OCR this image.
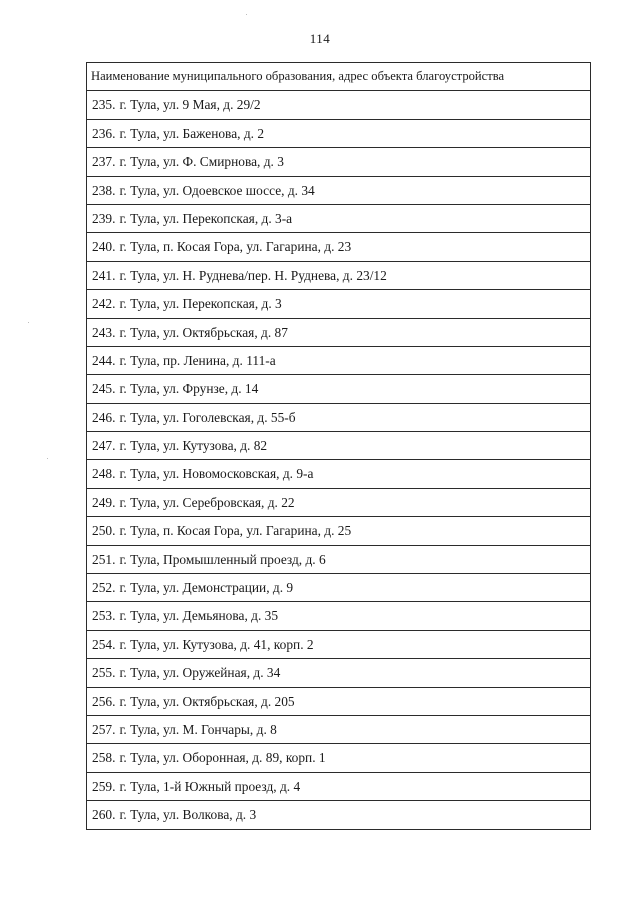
114
Наименование муниципального образования, адрес объекта благоустройства
235. г. Тула, ул. 9 Мая, д. 29/2
236. г. Тула, ул. Баженова, д. 2
237. г. Тула, ул. Ф. Смирнова, д. 3
238. г. Тула, ул. Одоевское шоссе, д. 34
239. г. Тула, ул. Перекопская, д. 3-а
240. г. Тула, п. Косая Гора, ул. Гагарина, д. 23
241. г. Тула, ул. Н. Руднева/пер. Н. Руднева, д. 23/12
242. г. Тула, ул. Перекопская, д. 3
243. г. Тула, ул. Октябрьская, д. 87
244. г. Тула, пр. Ленина, д. 111-а
245. г. Тула, ул. Фрунзе, д. 14
246. г. Тула, ул. Гоголевская, д. 55-б
247. г. Тула, ул. Кутузова, д. 82
248. г. Тула, ул. Новомосковская, д. 9-а
249. г. Тула, ул. Серебровская, д. 22
250. г. Тула, п. Косая Гора, ул. Гагарина, д. 25
251. г. Тула, Промышленный проезд, д. 6
252. г. Тула, ул. Демонстрации, д. 9
253. г. Тула, ул. Демьянова, д. 35
254. г. Тула, ул. Кутузова, д. 41, корп. 2
255. г. Тула, ул. Оружейная, д. 34
256. г. Тула, ул. Октябрьская, д. 205
257. г. Тула, ул. М. Гончары, д. 8
258. г. Тула, ул. Оборонная, д. 89, корп. 1
259. г. Тула, 1-й Южный проезд, д. 4
260. г. Тула, ул. Волкова, д. 3
